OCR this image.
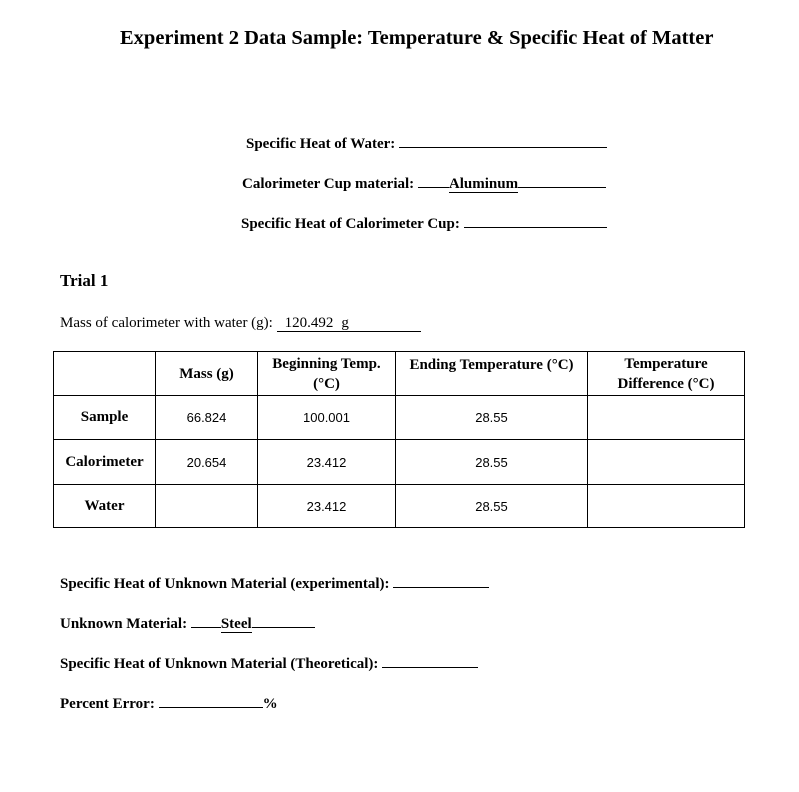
Experiment 2 Data Sample: Temperature & Specific Heat of Matter
Specific Heat of Water:
Calorimeter Cup material: Aluminum
Specific Heat of Calorimeter Cup:
Trial 1
Mass of calorimeter with water (g): 120.492 g
	Mass (g)	Beginning Temp. (°C)	Ending Temperature (°C)	Temperature Difference (°C)
Sample	66.824	100.001	28.55	
Calorimeter	20.654	23.412	28.55	
Water		23.412	28.55	
Specific Heat of Unknown Material (experimental):
Unknown Material: Steel
Specific Heat of Unknown Material (Theoretical):
Percent Error:	%
